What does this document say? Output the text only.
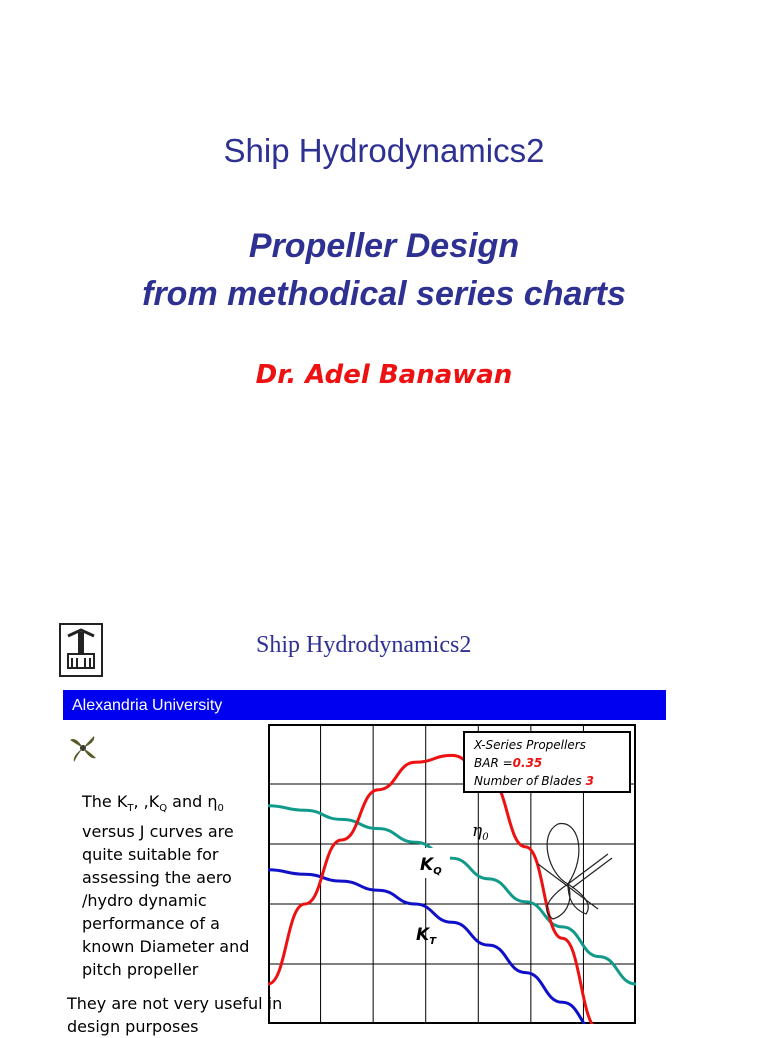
Ship Hydrodynamics2
Propeller Design
from methodical series charts
Dr. Adel Banawan
Ship Hydrodynamics2
Alexandria University
The $K_T$, $,K_Q$ and $\eta_0$ versus J curves are quite suitable for assessing the aero /hydro dynamic performance of a known Diameter and pitch propeller
They are not very useful in design purposes
X-Series Propellers
BAR =0.35
Number of Blades 3
$K_Q$
$K_T$
$\eta_0$
